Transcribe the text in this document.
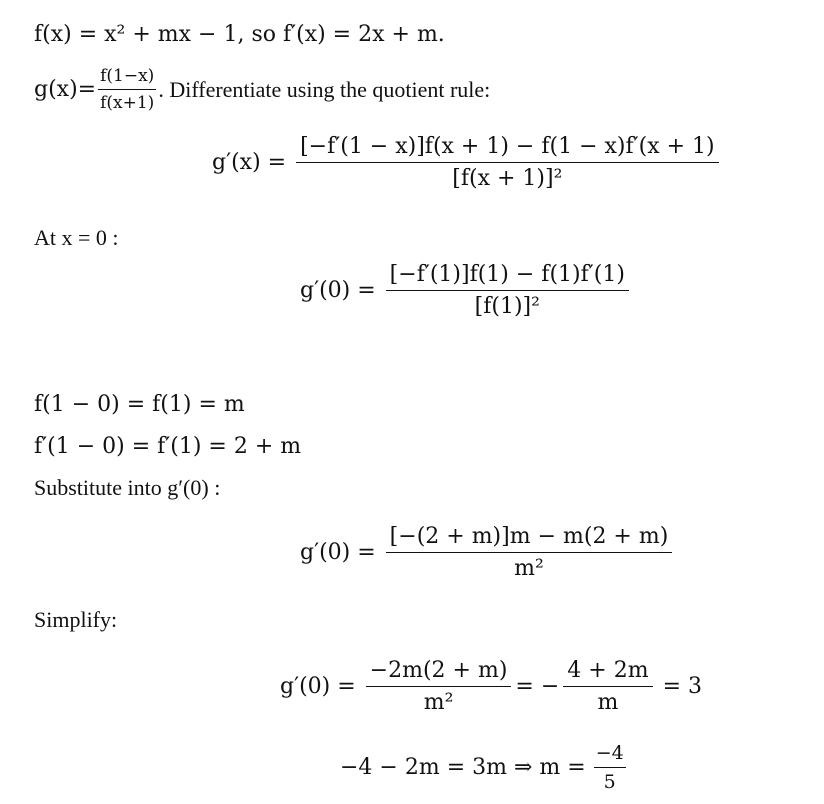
f(x) = x² + mx − 1, so f′(x) = 2x + m.
$g(x)= \frac{f(1-x)}{f(x+1)}$ . Differentiate using the quotient rule:
$g'(x) = \frac{[-f'(1 - x)]f(x + 1) - f(1 - x)f'(x + 1)}{\text{[f(x + 1)]²}}$
At x = 0 :
$g'(0) = \frac{[-f'(1)]f(1) - f(1)f'(1)}{\text{[f(1)]²}}$
f(1 − 0) = f(1) = m
f′(1 − 0) = f′(1) = 2 + m
Substitute into g′(0) :
$g'(0) = \frac{[-(2 + m)]m - m(2 + m)}{\text{m²}}$
Simplify:
$g'(0) = \frac{-2m(2 + m)}{\text{m²}}$ = − $\frac{4 + 2m}{m} = 3$
−4 − 2m = 3m ⇒ $m = \frac{-4}{5}$
